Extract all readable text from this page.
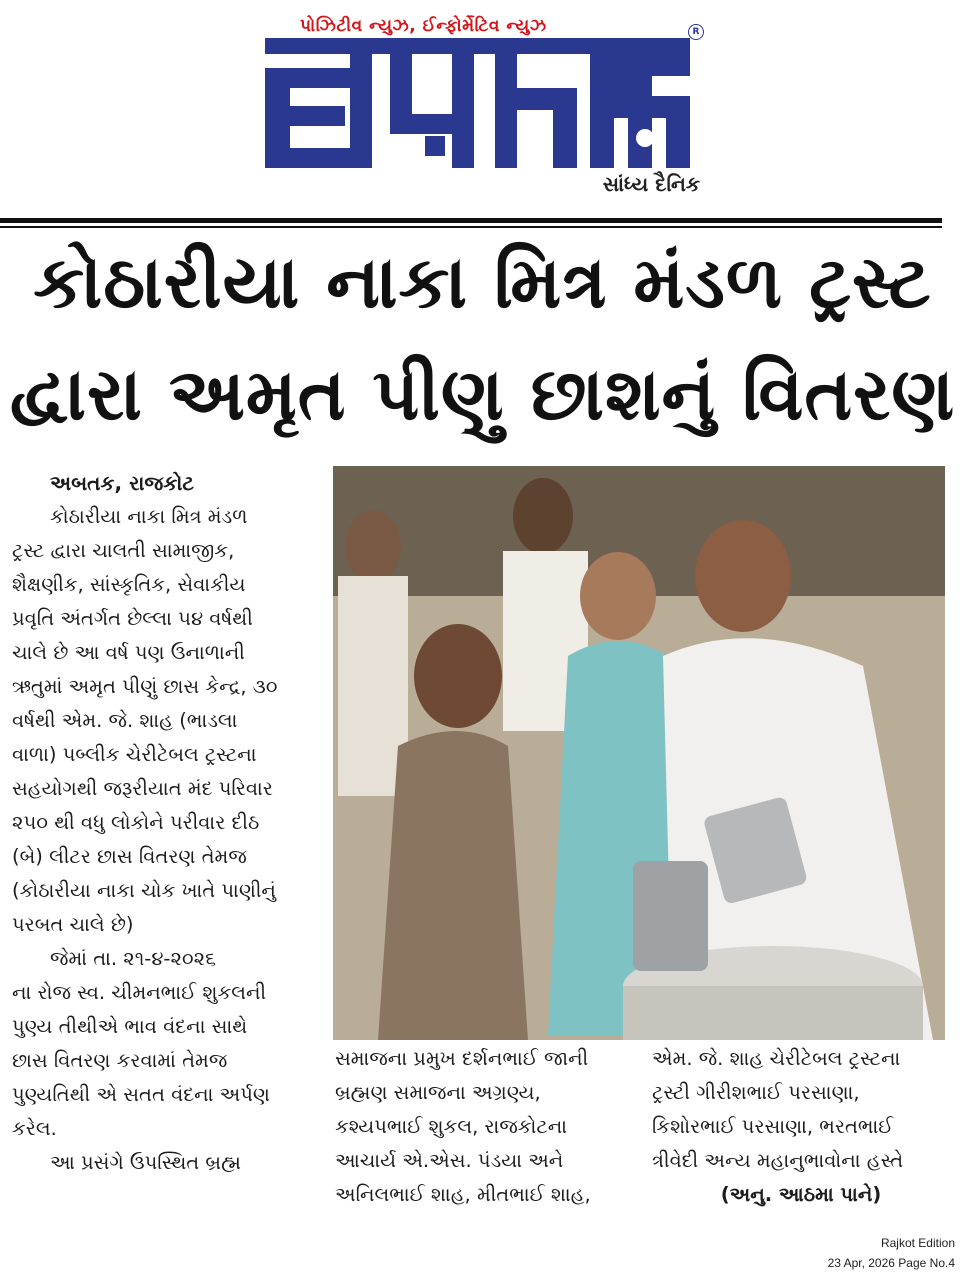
પોઝિટીવ ન્યુઝ, ઈન્ફોર્મેટિવ ન્યુઝ	R
સાંધ્ય દૈનિક
કોઠારીયા નાકા મિત્ર મંડળ ટ્રસ્ટ
દ્વારા અમૃત પીણુ છાશનું વિતરણ
અબતક, રાજકોટ
કોઠારીયા નાકા મિત્ર મંડળ
ટ્રસ્ટ દ્વારા ચાલતી સામાજીક,
શૈક્ષણીક, સાંસ્કૃતિક, સેવાકીય
પ્રવૃતિ અંતર્ગત છેલ્લા ૫૪ વર્ષથી
ચાલે છે આ વર્ષ પણ ઉનાળાની
ઋતુમાં અમૃત પીણું છાસ કેન્દ્ર, ૩૦
વર્ષથી એમ. જે. શાહ (ભાડલા
વાળા) પબ્લીક ચેરીટેબલ ટ્રસ્ટના
સહયોગથી જરૂરીયાત મંદ પરિવાર
૨૫૦ થી વધુ લોકોને પરીવાર દીઠ
(બે) લીટર છાસ વિતરણ તેમજ
(કોઠારીયા નાકા ચોક ખાતે પાણીનું
પરબત ચાલે છે)
જેમાં તા. ૨૧-૪-૨૦૨૬
ના રોજ સ્વ. ચીમનભાઈ શુકલની
પુણ્ય તીથીએ ભાવ વંદના સાથે
છાસ વિતરણ કરવામાં તેમજ
પુણ્યતિથી એ સતત વંદના અર્પણ
કરેલ.
આ પ્રસંગે ઉપસ્થિત બ્રહ્મ
સમાજના પ્રમુખ દર્શનભાઈ જાની
બ્રહ્મણ સમાજના અગ્રણ્ય,
કશ્યપભાઈ શુકલ, રાજકોટના
આચાર્ય એ.એસ. પંડયા અને
અનિલભાઈ શાહ, મીતભાઈ શાહ,
એમ. જે. શાહ ચેરીટેબલ ટ્રસ્ટના
ટ્રસ્ટી ગીરીશભાઈ પરસાણા,
કિશોરભાઈ પરસાણા, ભરતભાઈ
ત્રીવેદી અન્ય મહાનુભાવોના હસ્તે
(અનુ. આઠમા પાને)
Rajkot Edition
23 Apr, 2026 Page No.4
